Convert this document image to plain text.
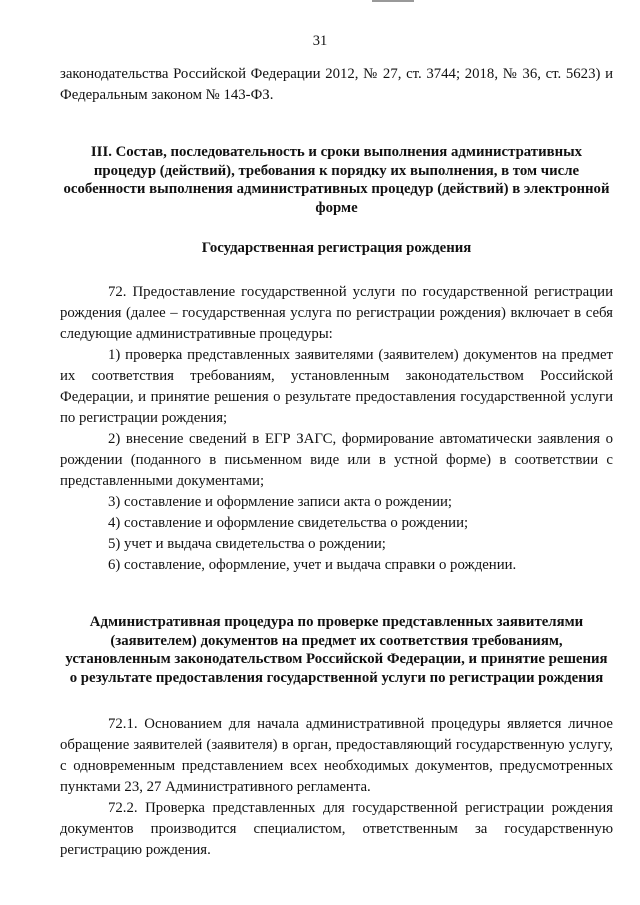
31

законодательства Российской Федерации 2012, № 27, ст. 3744; 2018, № 36, ст. 5623) и Федеральным законом № 143-ФЗ.

III. Состав, последовательность и сроки выполнения административных процедур (действий), требования к порядку их выполнения, в том числе особенности выполнения административных процедур (действий) в электронной форме

Государственная регистрация рождения

72. Предоставление государственной услуги по государственной регистрации рождения (далее – государственная услуга по регистрации рождения) включает в себя следующие административные процедуры:

1) проверка представленных заявителями (заявителем) документов на предмет их соответствия требованиям, установленным законодательством Российской Федерации, и принятие решения о результате предоставления государственной услуги по регистрации рождения;

2) внесение сведений в ЕГР ЗАГС, формирование автоматически заявления о рождении (поданного в письменном виде или в устной форме) в соответствии с представленными документами;

3) составление и оформление записи акта о рождении;

4) составление и оформление свидетельства о рождении;

5) учет и выдача свидетельства о рождении;

6) составление, оформление, учет и выдача справки о рождении.

Административная процедура по проверке представленных заявителями (заявителем) документов на предмет их соответствия требованиям, установленным законодательством Российской Федерации, и принятие решения о результате предоставления государственной услуги по регистрации рождения

72.1. Основанием для начала административной процедуры является личное обращение заявителей (заявителя) в орган, предоставляющий государственную услугу, с одновременным представлением всех необходимых документов, предусмотренных пунктами 23, 27 Административного регламента.

72.2. Проверка представленных для государственной регистрации рождения документов производится специалистом, ответственным за государственную регистрацию рождения.
